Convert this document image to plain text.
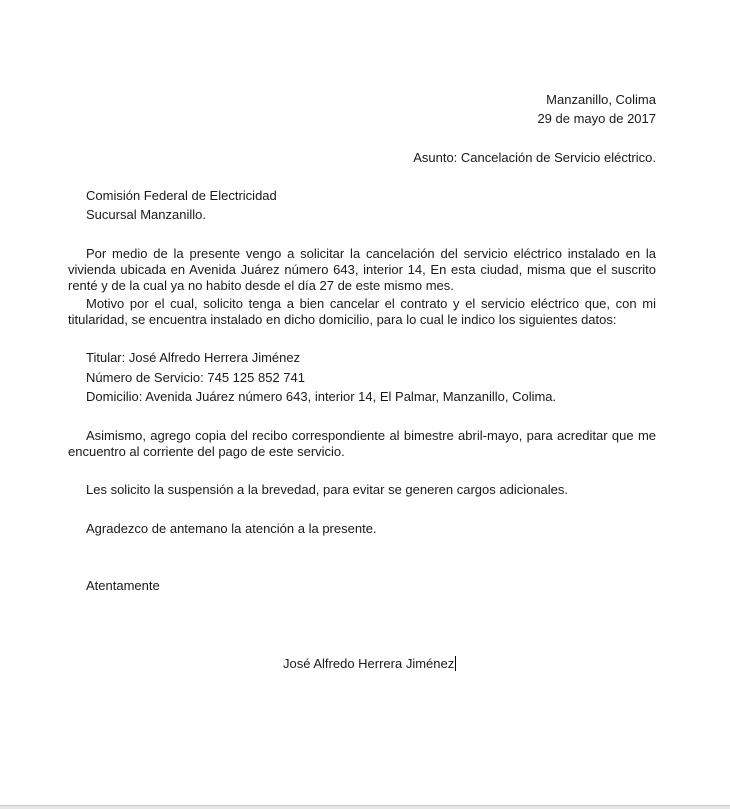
Manzanillo, Colima
29 de mayo de 2017
Asunto: Cancelación de Servicio eléctrico.
Comisión Federal de Electricidad
Sucursal Manzanillo.
Por medio de la presente vengo a solicitar la cancelación del servicio eléctrico instalado en la
vivienda ubicada en Avenida Juárez número 643, interior 14, En esta ciudad, misma que el suscrito
renté y de la cual ya no habito desde el día 27 de este mismo mes.
Motivo por el cual, solicito tenga a bien cancelar el contrato y el servicio eléctrico que, con mi
titularidad, se encuentra instalado en dicho domicilio, para lo cual le indico los siguientes datos:
Titular: José Alfredo Herrera Jiménez
Número de Servicio: 745 125 852 741
Domicilio: Avenida Juárez número 643, interior 14, El Palmar, Manzanillo, Colima.
Asimismo, agrego copia del recibo correspondiente al bimestre abril-mayo, para acreditar que me
encuentro al corriente del pago de este servicio.
Les solicito la suspensión a la brevedad, para evitar se generen cargos adicionales.
Agradezco de antemano la atención a la presente.
Atentamente
José Alfredo Herrera Jiménez
